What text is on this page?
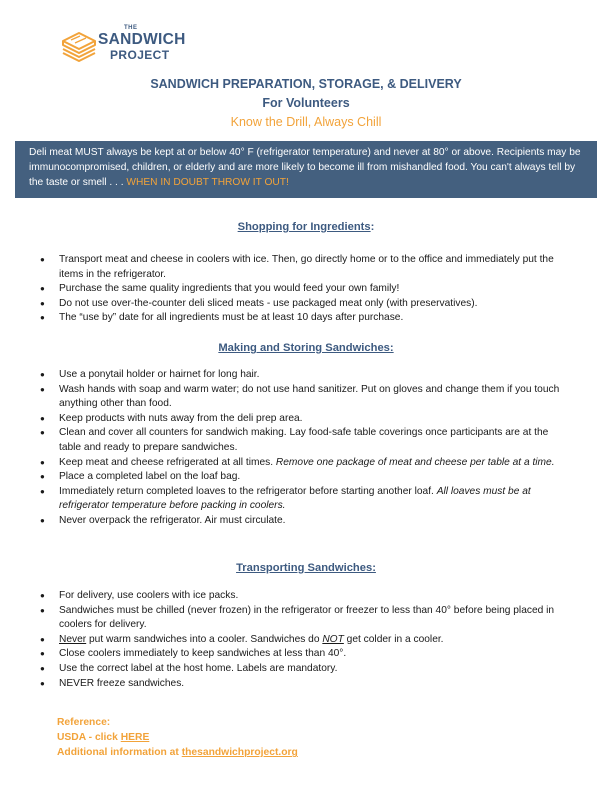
THE
SANDWICH
PROJECT
SANDWICH PREPARATION, STORAGE, & DELIVERY
For Volunteers
Know the Drill, Always Chill
Deli meat MUST always be kept at or below 40° F (refrigerator temperature) and never at 80° or above. Recipients may be immunocompromised, children, or elderly and are more likely to become ill from mishandled food. You can't always tell by the taste or smell . . . WHEN IN DOUBT THROW IT OUT!
Shopping for Ingredients:
● Transport meat and cheese in coolers with ice. Then, go directly home or to the office and immediately put the items in the refrigerator.
● Purchase the same quality ingredients that you would feed your own family!
● Do not use over-the-counter deli sliced meats - use packaged meat only (with preservatives).
● The “use by” date for all ingredients must be at least 10 days after purchase.
Making and Storing Sandwiches:
● Use a ponytail holder or hairnet for long hair.
● Wash hands with soap and warm water; do not use hand sanitizer. Put on gloves and change them if you touch anything other than food.
● Keep products with nuts away from the deli prep area.
● Clean and cover all counters for sandwich making. Lay food-safe table coverings once participants are at the table and ready to prepare sandwiches.
● Keep meat and cheese refrigerated at all times. Remove one package of meat and cheese per table at a time.
● Place a completed label on the loaf bag.
● Immediately return completed loaves to the refrigerator before starting another loaf. All loaves must be at refrigerator temperature before packing in coolers.
● Never overpack the refrigerator. Air must circulate.
Transporting Sandwiches:
● For delivery, use coolers with ice packs.
● Sandwiches must be chilled (never frozen) in the refrigerator or freezer to less than 40° before being placed in coolers for delivery.
● Never put warm sandwiches into a cooler. Sandwiches do NOT get colder in a cooler.
● Close coolers immediately to keep sandwiches at less than 40°.
● Use the correct label at the host home. Labels are mandatory.
● NEVER freeze sandwiches.
Reference:
USDA - click HERE
Additional information at thesandwichproject.org
